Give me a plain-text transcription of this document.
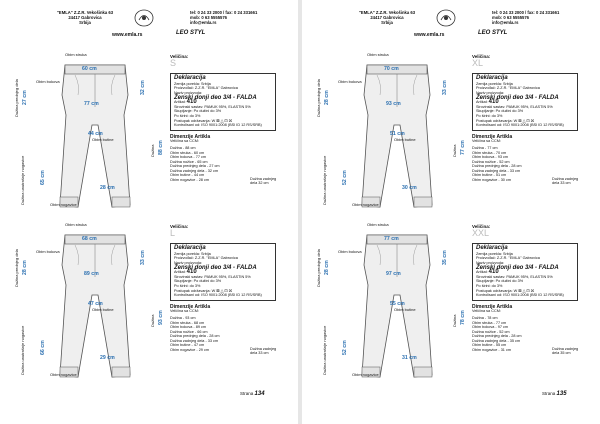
"EMLA" Z.Z.R. Vekošinka 63
24417 Gabrovica
Srbija
tel: 0 24 33 2000 / fax: 0 24 331661
mob: 0 63 5555576
info@emla.rs
www.emla.rs	LEO STYL
Obim struka
60 cm
Obim bokova
77 cm
27 cm
Dužina prednjeg dela
65 cm
Dužina unutrašnje nogavice
44 cm
Obim butine
32 cm
88 cm
Dužina
28 cm
Obim nogavice
Veličina:
S
Deklaracija
Zemlja porekla: Srbija
Proizvođač: Z.Z.R. "EMLA" Gabrovica
Naziv proizvoda:
Ženski donji deo 3/4 - FALDA
Artikal: 410
Sirovinski sastav: PAMUK 95%, ELASTIN 5%
Skupljanje: Po dužini do 3%
Po širini: do 3%
Postupak održavanja: W ⊠ △ ⊡ ☒
Kontrolisani od: ISO 9001:2008 (BSI ID 12 RS/SRB)
Dimenzije Artikla
Veličina sa CCM:
Dužina - 88 cm
Obim struka - 60 cm
Obim bokova - 77 cm
Dužina nožice - 65 cm
Dužina prednjeg dela - 27 cm
Dužina zadnjeg dela - 32 cm
Obim butine - 44 cm
Obim nogavice - 28 cm	Dužina zadnjeg dela 32 cm
Obim struka
68 cm
Obim bokova
89 cm
28 cm
Dužina prednjeg dela
66 cm
Dužina unutrašnje nogavice
47 cm
Obim butine
33 cm
93 cm
Dužina
29 cm
Obim nogavice
Veličina:
L
Deklaracija
Zemlja porekla: Srbija
Proizvođač: Z.Z.R. "EMLA" Gabrovica
Naziv proizvoda:
Ženski donji deo 3/4 - FALDA
Artikal: 410
Sirovinski sastav: PAMUK 95%, ELASTIN 5%
Skupljanje: Po dužini do 3%
Po širini: do 3%
Postupak održavanja: W ⊠ △ ⊡ ☒
Kontrolisani od: ISO 9001:2008 (BSI ID 12 RS/SRB)
Dimenzije Artikla
Veličina sa CCM:
Dužina - 93 cm
Obim struka - 68 cm
Obim bokova - 89 cm
Dužina nožice - 66 cm
Dužina prednjeg dela - 28 cm
Dužina zadnjeg dela - 33 cm
Obim butine - 47 cm
Obim nogavice - 29 cm	Dužina zadnjeg dela 33 cm
Strana 134
"EMLA" Z.Z.R. Vekošinka 63
24417 Gabrovica
Srbija
tel: 0 24 33 2000 / fax: 0 24 331661
mob: 0 63 5555576
info@emla.rs
www.emla.rs	LEO STYL
Obim struka
70 cm
Obim bokova
93 cm
28 cm
Dužina prednjeg dela
52 cm
Dužina unutrašnje nogavice
51 cm
Obim butine
33 cm
77 cm
Dužina
30 cm
Obim nogavice
Veličina:
XL
Deklaracija
Zemlja porekla: Srbija
Proizvođač: Z.Z.R. "EMLA" Gabrovica
Naziv proizvoda:
Ženski donji deo 3/4 - FALDA
Artikal: 410
Sirovinski sastav: PAMUK 95%, ELASTIN 5%
Skupljanje: Po dužini do 3%
Po širini: do 3%
Postupak održavanja: W ⊠ △ ⊡ ☒
Kontrolisani od: ISO 9001:2008 (BSI ID 12 RS/SRB)
Dimenzije Artikla
Veličina sa CCM:
Dužina - 77 cm
Obim struka - 70 cm
Obim bokova - 93 cm
Dužina nožice - 52 cm
Dužina prednjeg dela - 28 cm
Dužina zadnjeg dela - 33 cm
Obim butine - 51 cm
Obim nogavice - 30 cm	Dužina zadnjeg dela 33 cm
Obim struka
77 cm
Obim bokova
97 cm
28 cm
Dužina prednjeg dela
52 cm
Dužina unutrašnje nogavice
55 cm
Obim butine
35 cm
78 cm
Dužina
31 cm
Obim nogavice
Veličina:
XXL
Deklaracija
Zemlja porekla: Srbija
Proizvođač: Z.Z.R. "EMLA" Gabrovica
Naziv proizvoda:
Ženski donji deo 3/4 - FALDA
Artikal: 410
Sirovinski sastav: PAMUK 95%, ELASTIN 5%
Skupljanje: Po dužini do 3%
Po širini: do 3%
Postupak održavanja: W ⊠ △ ⊡ ☒
Kontrolisani od: ISO 9001:2008 (BSI ID 12 RS/SRB)
Dimenzije Artikla
Veličina sa CCM:
Dužina - 78 cm
Obim struka - 77 cm
Obim bokova - 97 cm
Dužina nožice - 52 cm
Dužina prednjeg dela - 28 cm
Dužina zadnjeg dela - 35 cm
Obim butine - 55 cm
Obim nogavice - 31 cm	Dužina zadnjeg dela 35 cm
Strana 135
